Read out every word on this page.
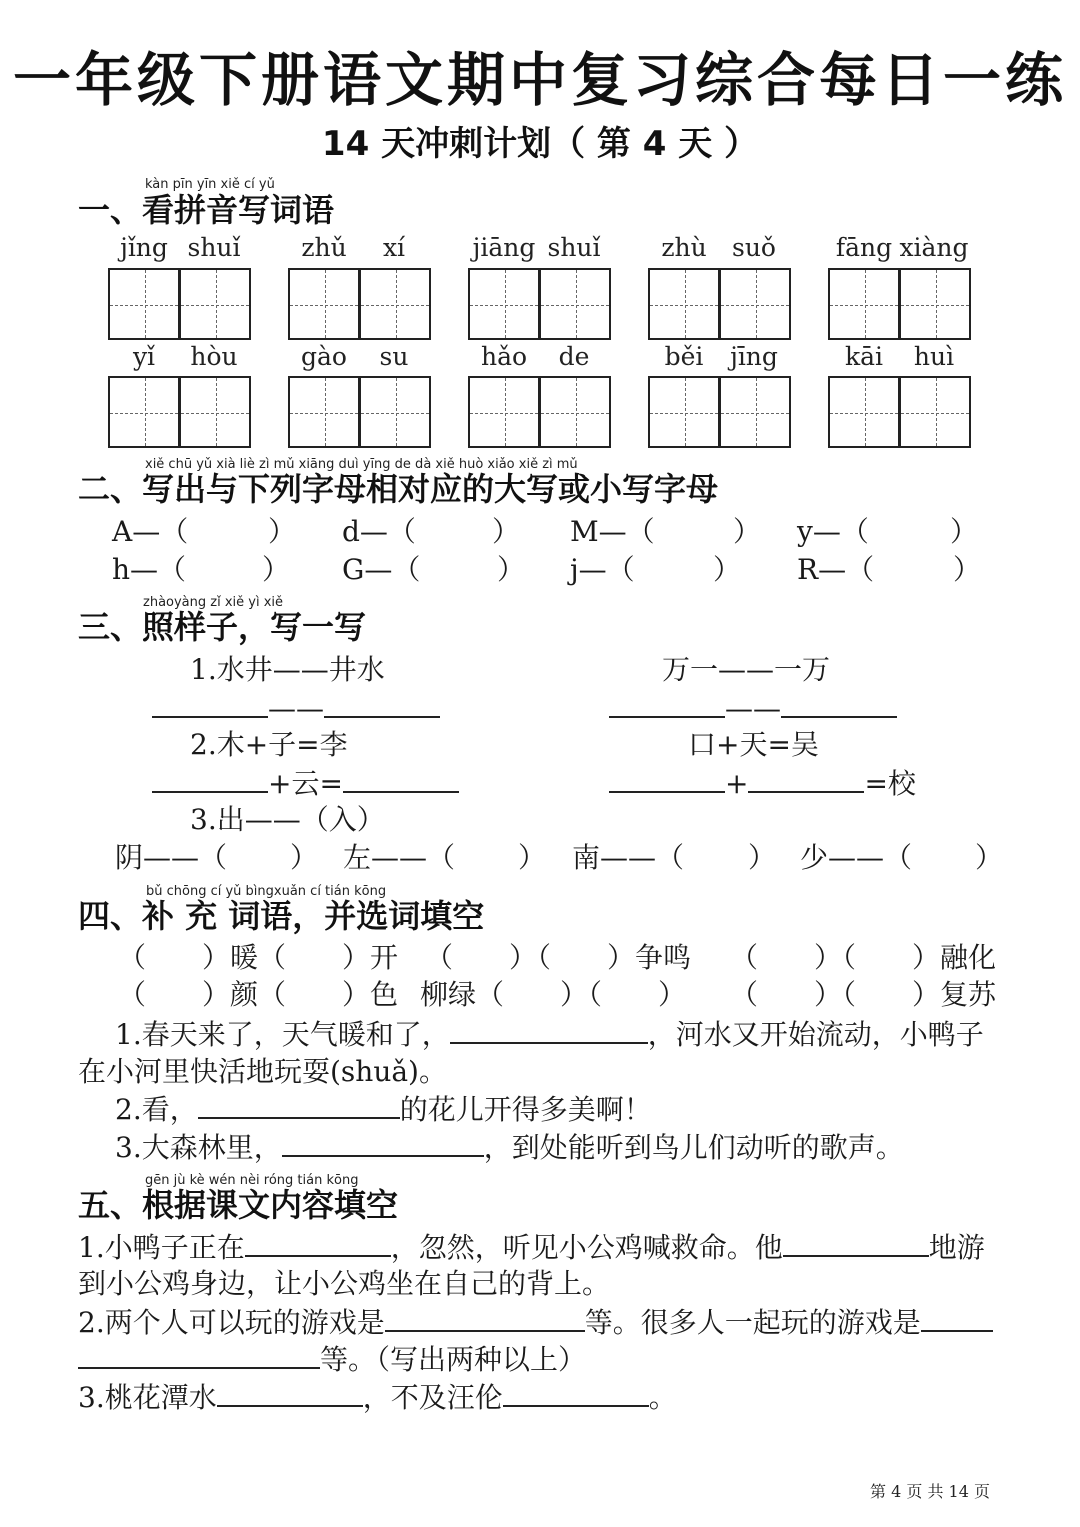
一年级下册语文期中复习综合每日一练
14 天冲刺计划（ 第 4 天 ）
kàn pīn yīn xiě cí yǔ
一、看拼音写词语
jǐng shuǐ	zhǔ	xí	jiāng shuǐ	zhù	suǒ	fāng xiàng
yǐ	hòu	gào	su	hǎo	de	běi	jīng	kāi	huì
xiě chū yǔ xià liè zì mǔ xiāng duì yīng de dà xiě huò xiǎo xiě zì mǔ
二、写出与下列字母相对应的大写或小写字母
A—（	） d—（	） M—（	） y—（	）
h—（	） G—（	） j—（	） R—（	）
zhàoyàng zǐ xiě yì xiě
三、照样子，写一写
1.水井——井水	万一——一万
——	——
2.木+子=李	口+天=吴
+云=	+	=校
3.出——（入）
阴——（ ） 左——（ ） 南——（ ） 少——（ ）
bǔ chōng cí yǔ bìngxuǎn cí tián kōng
四、补 充 词语，并选词填空
（　　）暖（　　）开 （　　）（　　）争鸣 （　　）（　　）融化
（　　）颜（　　）色 柳绿（　　）（　　） （　　）（　　）复苏
1.春天来了，天气暖和了，	，河水又开始流动，小鸭子
在小河里快活地玩耍(shuǎ)。
2.看，	的花儿开得多美啊！
3.大森林里，	，到处能听到鸟儿们动听的歌声。
gēn jù kè wén nèi róng tián kōng
五、根据课文内容填空
1.小鸭子正在	，忽然，听见小公鸡喊救命。他	地游
到小公鸡身边，让小公鸡坐在自己的背上。
2.两个人可以玩的游戏是	等。很多人一起玩的游戏是
等。（写出两种以上）
3.桃花潭水	，不及汪伦	。
第 4 页 共 14 页
